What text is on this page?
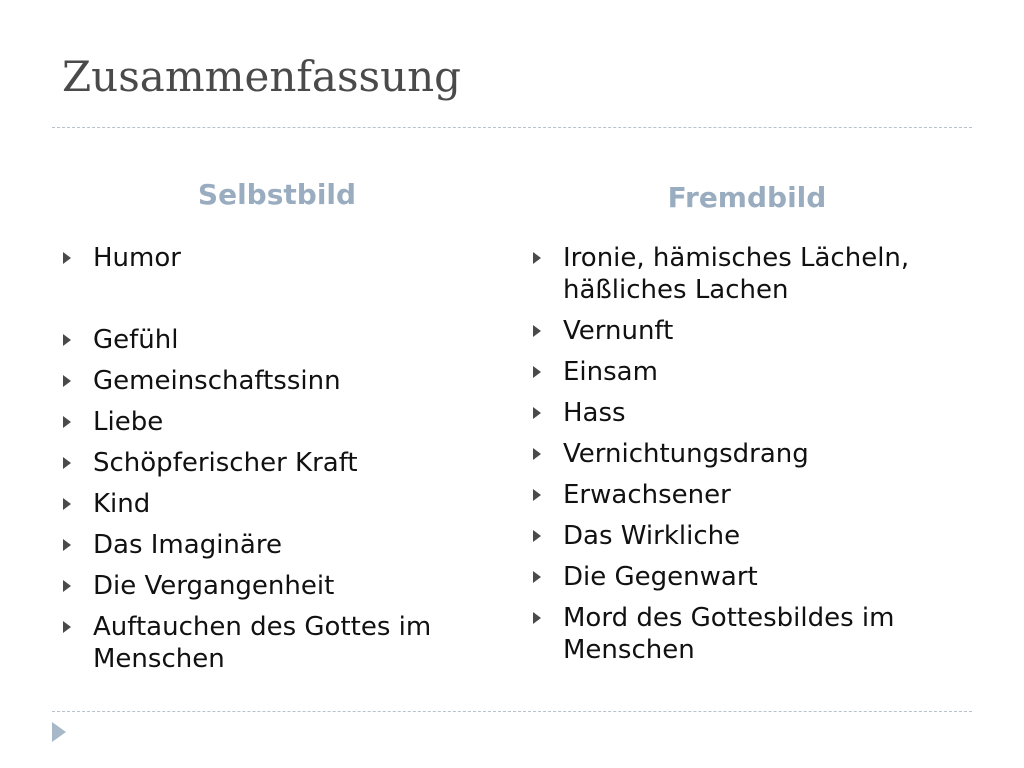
Zusammenfassung
Selbstbild	Fremdbild
Humor
Gefühl
Gemeinschaftssinn
Liebe
Schöpferischer Kraft
Kind
Das Imaginäre
Die Vergangenheit
Auftauchen des Gottes im Menschen
Ironie, hämisches Lächeln, häßliches Lachen
Vernunft
Einsam
Hass
Vernichtungsdrang
Erwachsener
Das Wirkliche
Die Gegenwart
Mord des Gottesbildes im Menschen
